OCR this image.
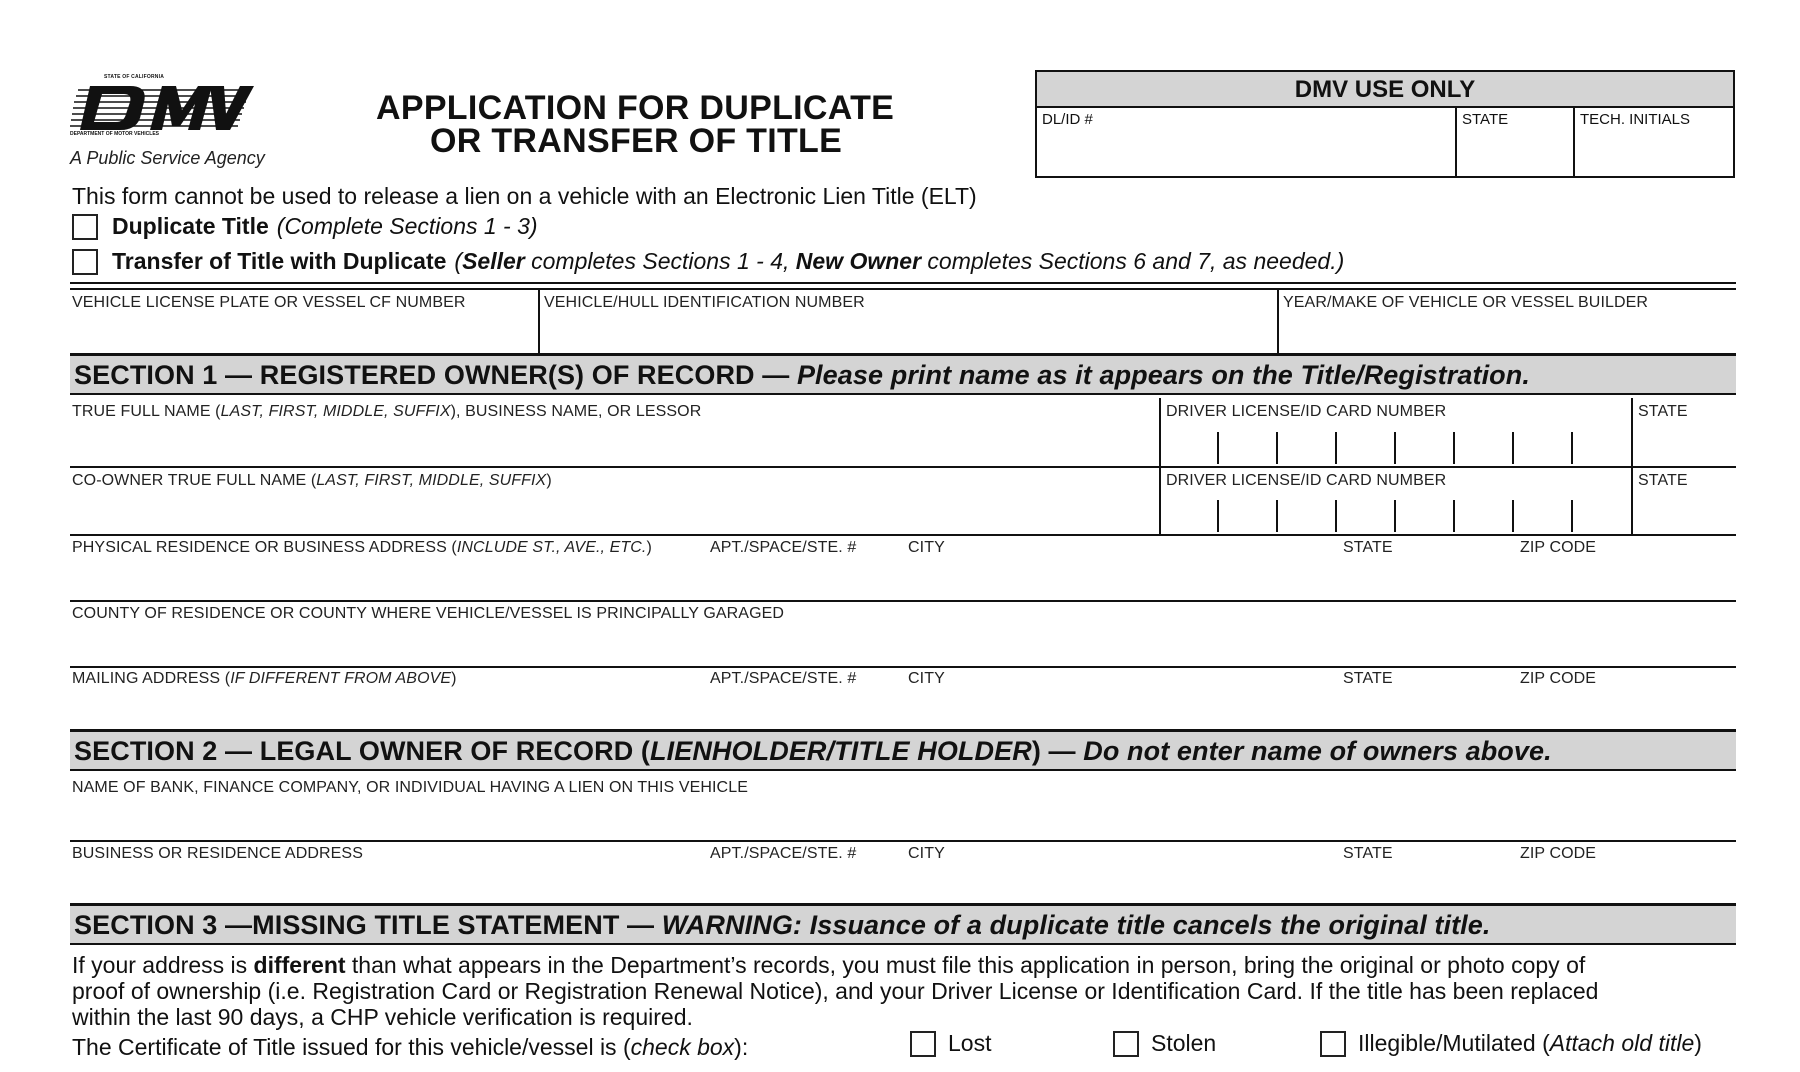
STATE OF CALIFORNIA
DEPARTMENT OF MOTOR VEHICLES
A Public Service Agency
APPLICATION FOR DUPLICATE
OR TRANSFER OF TITLE
DMV USE ONLY
DL/ID #	STATE	TECH. INITIALS
This form cannot be used to release a lien on a vehicle with an Electronic Lien Title (ELT)
Duplicate Title (Complete Sections 1 - 3)
Transfer of Title with Duplicate ( Seller completes Sections 1 - 4, New Owner completes Sections 6 and 7, as needed.)
VEHICLE LICENSE PLATE OR VESSEL CF NUMBER	VEHICLE/HULL IDENTIFICATION NUMBER	YEAR/MAKE OF VEHICLE OR VESSEL BUILDER
SECTION 1 — REGISTERED OWNER(S) OF RECORD — Please print name as it appears on the Title/Registration.
TRUE FULL NAME (LAST, FIRST, MIDDLE, SUFFIX), BUSINESS NAME, OR LESSOR	DRIVER LICENSE/ID CARD NUMBER	STATE
CO-OWNER TRUE FULL NAME (LAST, FIRST, MIDDLE, SUFFIX)	DRIVER LICENSE/ID CARD NUMBER	STATE
PHYSICAL RESIDENCE OR BUSINESS ADDRESS (INCLUDE ST., AVE., ETC.)	APT./SPACE/STE. #	CITY	STATE	ZIP CODE
COUNTY OF RESIDENCE OR COUNTY WHERE VEHICLE/VESSEL IS PRINCIPALLY GARAGED
MAILING ADDRESS (IF DIFFERENT FROM ABOVE)	APT./SPACE/STE. #	CITY	STATE	ZIP CODE
SECTION 2 — LEGAL OWNER OF RECORD (LIENHOLDER/TITLE HOLDER) — Do not enter name of owners above.
NAME OF BANK, FINANCE COMPANY, OR INDIVIDUAL HAVING A LIEN ON THIS VEHICLE
BUSINESS OR RESIDENCE ADDRESS	APT./SPACE/STE. #	CITY	STATE	ZIP CODE
SECTION 3 —MISSING TITLE STATEMENT — WARNING: Issuance of a duplicate title cancels the original title.
If your address is different than what appears in the Department’s records, you must file this application in person, bring the original or photo copy of
proof of ownership (i.e. Registration Card or Registration Renewal Notice), and your Driver License or Identification Card. If the title has been replaced
within the last 90 days, a CHP vehicle verification is required.
The Certificate of Title issued for this vehicle/vessel is (check box):	Lost	Stolen	Illegible/Mutilated ( Attach old title )
